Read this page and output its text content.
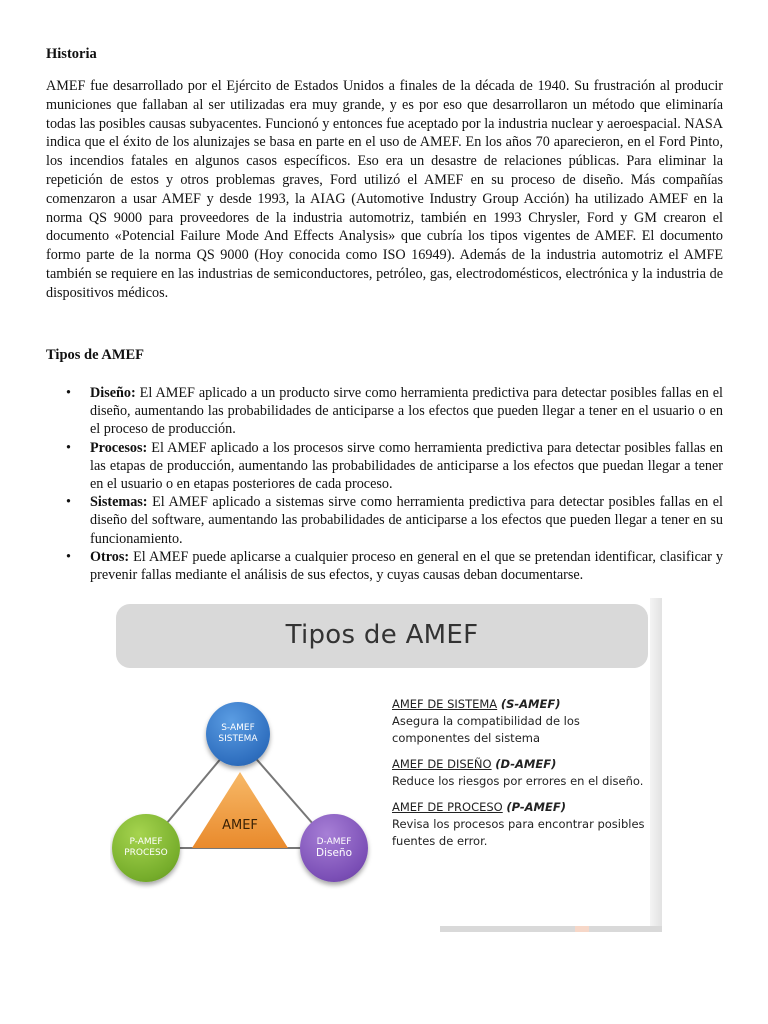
Historia

AMEF fue desarrollado por el Ejército de Estados Unidos a finales de la década de 1940. Su frustración al producir municiones que fallaban al ser utilizadas era muy grande, y es por eso que desarrollaron un método que eliminaría todas las posibles causas subyacentes. Funcionó y entonces fue aceptado por la industria nuclear y aeroespacial. NASA indica que el éxito de los alunizajes se basa en parte en el uso de AMEF. En los años 70 aparecieron, en el Ford Pinto, los incendios fatales en algunos casos específicos. Eso era un desastre de relaciones públicas. Para eliminar la repetición de estos y otros problemas graves, Ford utilizó el AMEF en su proceso de diseño. Más compañías comenzaron a usar AMEF y desde 1993, la AIAG (Automotive Industry Group Acción) ha utilizado AMEF en la norma QS 9000 para proveedores de la industria automotriz, también en 1993 Chrysler, Ford y GM crearon el documento «Potencial Failure Mode And Effects Analysis» que cubría los tipos vigentes de AMEF. El documento formo parte de la norma QS 9000 (Hoy conocida como ISO 16949). Además de la industria automotriz el AMFE también se requiere en las industrias de semiconductores, petróleo, gas, electrodomésticos, electrónica y la industria de dispositivos médicos.

Tipos de AMEF
• Diseño: El AMEF aplicado a un producto sirve como herramienta predictiva para detectar posibles fallas en el diseño, aumentando las probabilidades de anticiparse a los efectos que pueden llegar a tener en el usuario o en el proceso de producción.
• Procesos: El AMEF aplicado a los procesos sirve como herramienta predictiva para detectar posibles fallas en las etapas de producción, aumentando las probabilidades de anticiparse a los efectos que puedan llegar a tener en el usuario o en etapas posteriores de cada proceso.
• Sistemas: El AMEF aplicado a sistemas sirve como herramienta predictiva para detectar posibles fallas en el diseño del software, aumentando las probabilidades de anticiparse a los efectos que pueden llegar a tener en su funcionamiento.
• Otros: El AMEF puede aplicarse a cualquier proceso en general en el que se pretendan identificar, clasificar y prevenir fallas mediante el análisis de sus efectos, y cuyas causas deban documentarse.
Tipos de AMEF
AMEF
S-AMEF
SISTEMA
P-AMEF
PROCESO
D-AMEF
Diseño
AMEF DE SISTEMA (S-AMEF)
Asegura la compatibilidad de los componentes del sistema
AMEF DE DISEÑO (D-AMEF)
Reduce los riesgos por errores en el diseño.
AMEF DE PROCESO (P-AMEF)
Revisa los procesos para encontrar posibles fuentes de error.
